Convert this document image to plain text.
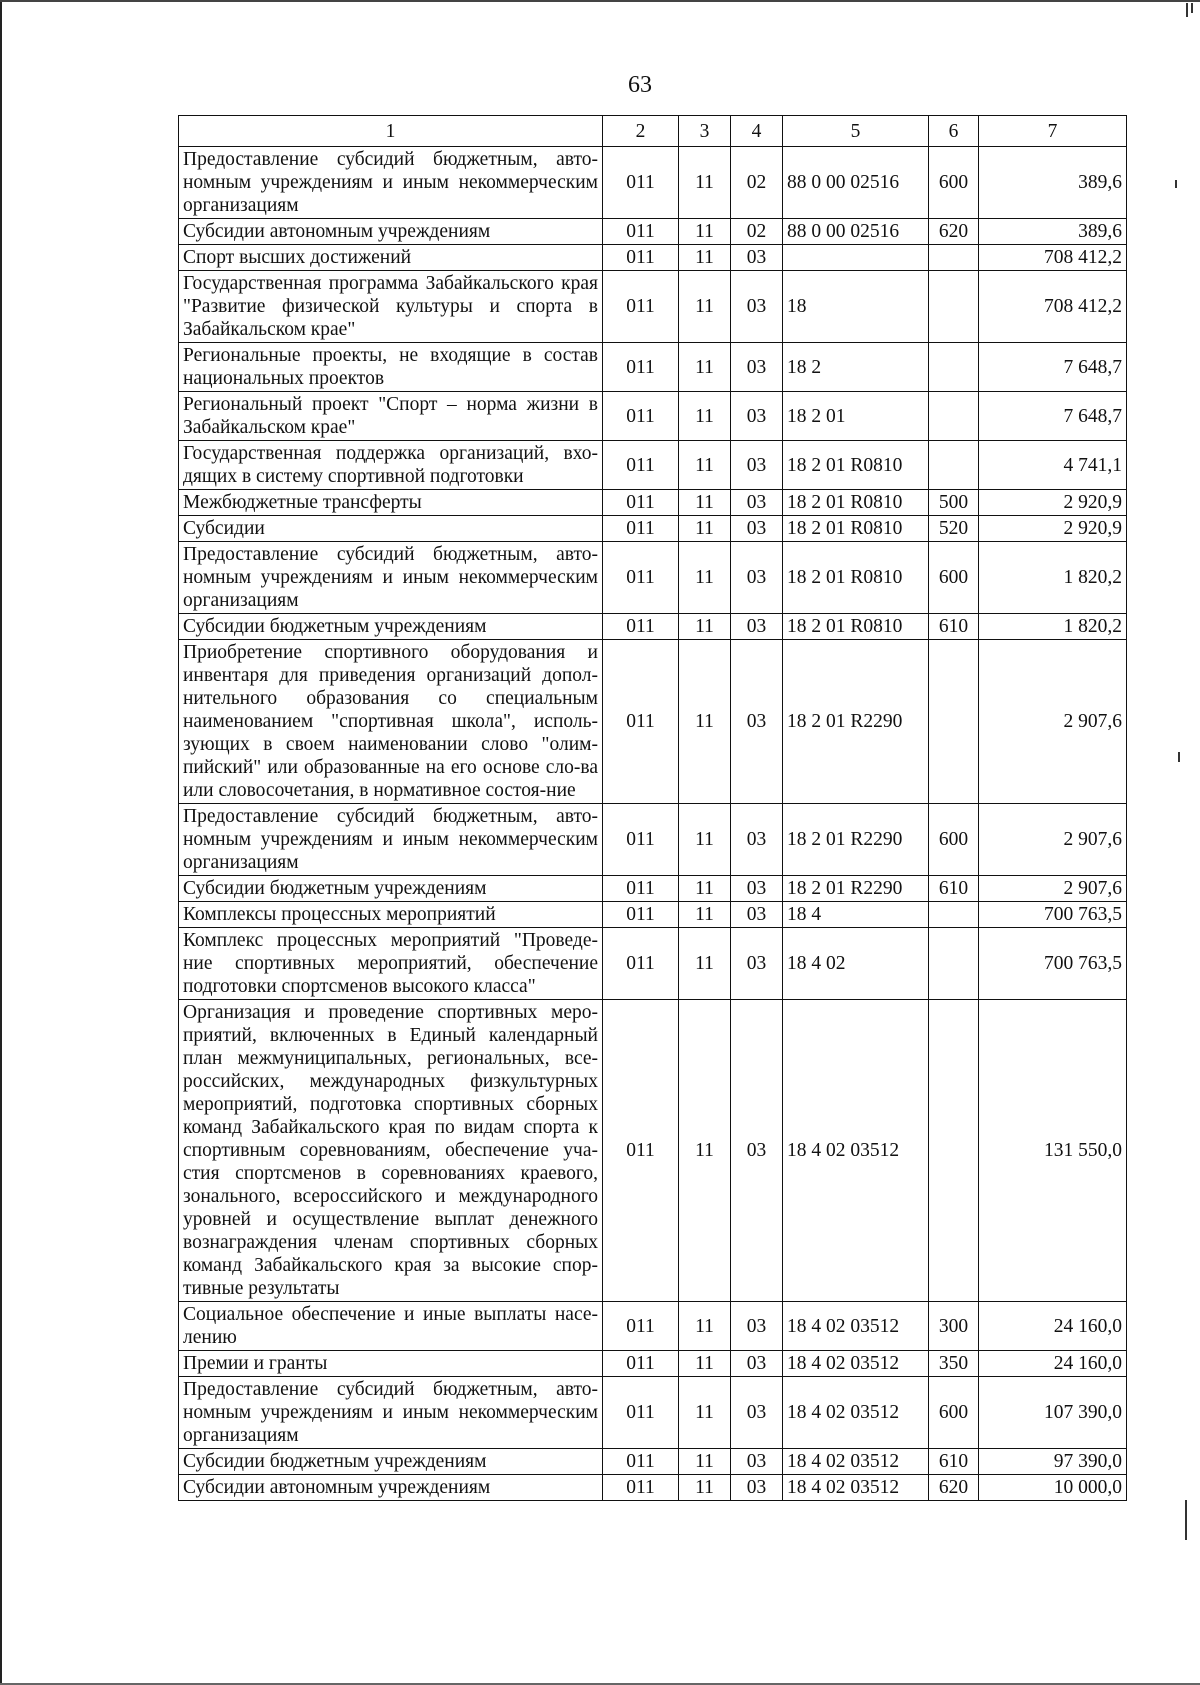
63
1	2	3	4	5	6	7
Предоставление субсидий бюджетным, авто-номным учреждениям и иным некоммерческим организациям	011	11	02	88 0 00 02516	600	389,6
Субсидии автономным учреждениям	011	11	02	88 0 00 02516	620	389,6
Спорт высших достижений	011	11	03			708 412,2
Государственная программа Забайкальского края "Развитие физической культуры и спорта в Забайкальском крае"	011	11	03	18		708 412,2
Региональные проекты, не входящие в состав национальных проектов	011	11	03	18 2		7 648,7
Региональный проект "Спорт – норма жизни в Забайкальском крае"	011	11	03	18 2 01		7 648,7
Государственная поддержка организаций, вхо-дящих в систему спортивной подготовки	011	11	03	18 2 01 R0810		4 741,1
Межбюджетные трансферты	011	11	03	18 2 01 R0810	500	2 920,9
Субсидии	011	11	03	18 2 01 R0810	520	2 920,9
Предоставление субсидий бюджетным, авто-номным учреждениям и иным некоммерческим организациям	011	11	03	18 2 01 R0810	600	1 820,2
Субсидии бюджетным учреждениям	011	11	03	18 2 01 R0810	610	1 820,2
Приобретение спортивного оборудования и инвентаря для приведения организаций допол-нительного образования со специальным наименованием "спортивная школа", исполь-зующих в своем наименовании слово "олим-пийский" или образованные на его основе сло-ва или словосочетания, в нормативное состоя-ние	011	11	03	18 2 01 R2290		2 907,6
Предоставление субсидий бюджетным, авто-номным учреждениям и иным некоммерческим организациям	011	11	03	18 2 01 R2290	600	2 907,6
Субсидии бюджетным учреждениям	011	11	03	18 2 01 R2290	610	2 907,6
Комплексы процессных мероприятий	011	11	03	18 4		700 763,5
Комплекс процессных мероприятий "Проведе-ние спортивных мероприятий, обеспечение подготовки спортсменов высокого класса"	011	11	03	18 4 02		700 763,5
Организация и проведение спортивных меро-приятий, включенных в Единый календарный план межмуниципальных, региональных, все-российских, международных физкультурных мероприятий, подготовка спортивных сборных команд Забайкальского края по видам спорта к спортивным соревнованиям, обеспечение уча-стия спортсменов в соревнованиях краевого, зонального, всероссийского и международного уровней и осуществление выплат денежного вознаграждения членам спортивных сборных команд Забайкальского края за высокие спор-тивные результаты	011	11	03	18 4 02 03512		131 550,0
Социальное обеспечение и иные выплаты насе-лению	011	11	03	18 4 02 03512	300	24 160,0
Премии и гранты	011	11	03	18 4 02 03512	350	24 160,0
Предоставление субсидий бюджетным, авто-номным учреждениям и иным некоммерческим организациям	011	11	03	18 4 02 03512	600	107 390,0
Субсидии бюджетным учреждениям	011	11	03	18 4 02 03512	610	97 390,0
Субсидии автономным учреждениям	011	11	03	18 4 02 03512	620	10 000,0
